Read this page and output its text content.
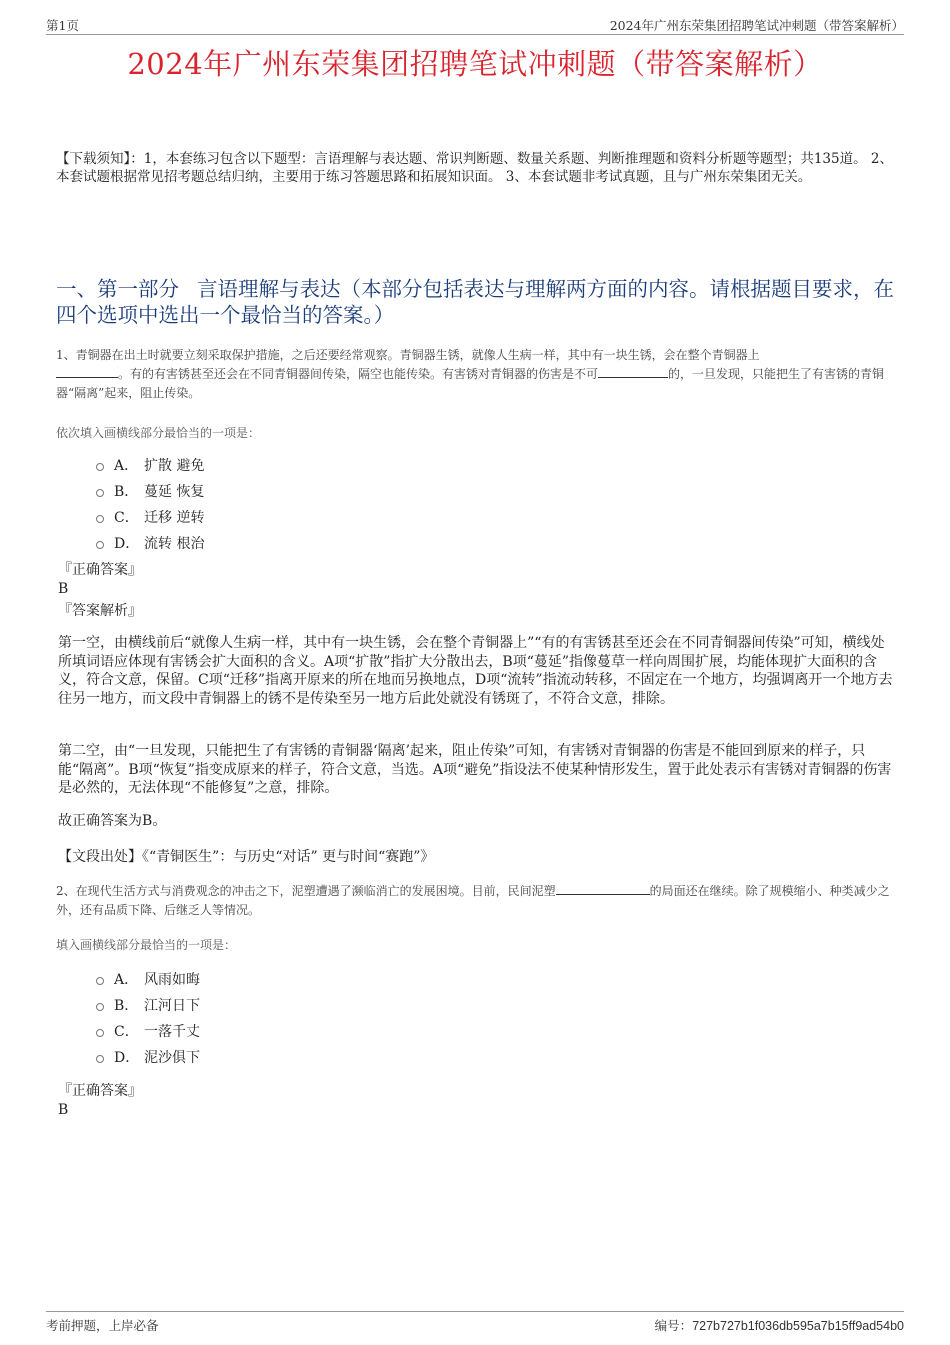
第1页	2024年广州东荣集团招聘笔试冲刺题（带答案解析）
2024年广州东荣集团招聘笔试冲刺题（带答案解析）
【下载须知】：1，本套练习包含以下题型：言语理解与表达题、常识判断题、数量关系题、判断推理题和资料分析题等题型；共135道。 2、本套试题根据常见招考题总结归纳，主要用于练习答题思路和拓展知识面。 3、本套试题非考试真题，且与广州东荣集团无关。
一、第一部分 言语理解与表达（本部分包括表达与理解两方面的内容。请根据题目要求，在四个选项中选出一个最恰当的答案。）
1、青铜器在出土时就要立刻采取保护措施，之后还要经常观察。青铜器生锈，就像人生病一样，其中有一块生锈，会在整个青铜器上
。有的有害锈甚至还会在不同青铜器间传染，隔空也能传染。有害锈对青铜器的伤害是不可	的，一旦发现，只能把生了有害锈的青铜器“隔离”起来，阻止传染。
依次填入画横线部分最恰当的一项是：
A． 扩散 避免
B． 蔓延 恢复
C． 迁移 逆转
D． 流转 根治
『正确答案』
B
『答案解析』
第一空，由横线前后“就像人生病一样，其中有一块生锈，会在整个青铜器上”“有的有害锈甚至还会在不同青铜器间传染”可知，横线处所填词语应体现有害锈会扩大面积的含义。A项“扩散”指扩大分散出去，B项“蔓延”指像蔓草一样向周围扩展，均能体现扩大面积的含义，符合文意，保留。C项“迁移”指离开原来的所在地而另换地点，D项“流转”指流动转移，不固定在一个地方，均强调离开一个地方去往另一地方，而文段中青铜器上的锈不是传染至另一地方后此处就没有锈斑了，不符合文意，排除。
第二空，由“一旦发现，只能把生了有害锈的青铜器‘隔离’起来，阻止传染”可知，有害锈对青铜器的伤害是不能回到原来的样子，只能“隔离”。B项“恢复”指变成原来的样子，符合文意，当选。A项“避免”指设法不使某种情形发生，置于此处表示有害锈对青铜器的伤害是必然的，无法体现“不能修复”之意，排除。
故正确答案为B。
【文段出处】《“青铜医生”：与历史“对话” 更与时间“赛跑”》
2、在现代生活方式与消费观念的冲击之下，泥塑遭遇了濒临消亡的发展困境。目前，民间泥塑	的局面还在继续。除了规模缩小、种类减少之外，还有品质下降、后继乏人等情况。
填入画横线部分最恰当的一项是：
A． 风雨如晦
B． 江河日下
C． 一落千丈
D． 泥沙俱下
『正确答案』
B
考前押题，上岸必备	编号：727b727b1f036db595a7b15ff9ad54b0
